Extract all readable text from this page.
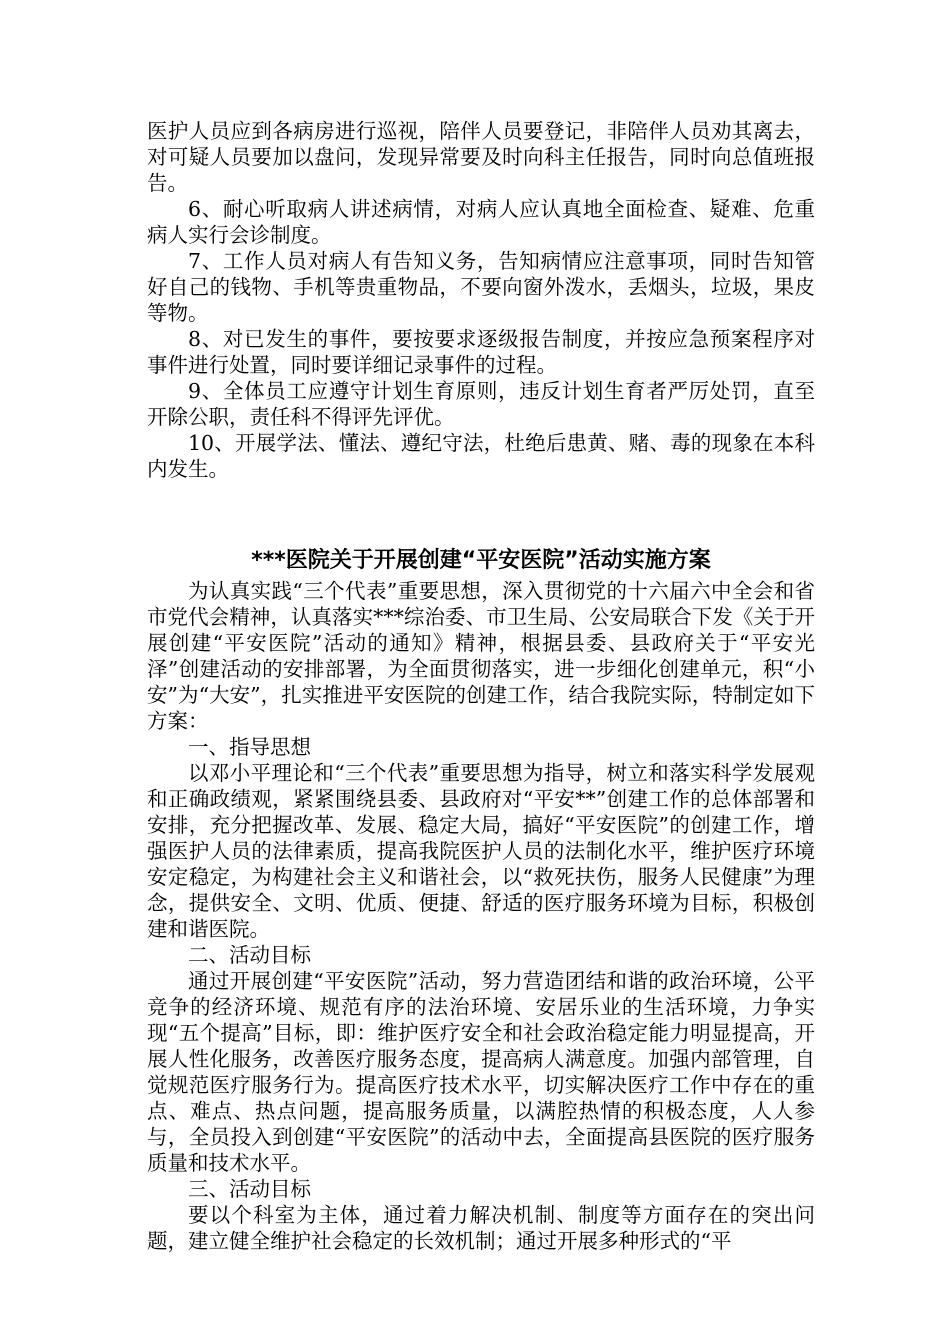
医护人员应到各病房进行巡视，陪伴人员要登记，非陪伴人员劝其离去，对可疑人员要加以盘问，发现异常要及时向科主任报告，同时向总值班报告。

6、耐心听取病人讲述病情，对病人应认真地全面检查、疑难、危重病人实行会诊制度。

7、工作人员对病人有告知义务，告知病情应注意事项，同时告知管好自己的钱物、手机等贵重物品，不要向窗外泼水，丢烟头，垃圾，果皮等物。

8、对已发生的事件，要按要求逐级报告制度，并按应急预案程序对事件进行处置，同时要详细记录事件的过程。

9、全体员工应遵守计划生育原则，违反计划生育者严厉处罚，直至开除公职，责任科不得评先评优。

10、开展学法、懂法、遵纪守法，杜绝后患黄、赌、毒的现象在本科内发生。

***医院关于开展创建“平安医院”活动实施方案

为认真实践“三个代表”重要思想，深入贯彻党的十六届六中全会和省市党代会精神，认真落实***综治委、市卫生局、公安局联合下发《关于开展创建“平安医院”活动的通知》精神，根据县委、县政府关于“平安光泽”创建活动的安排部署，为全面贯彻落实，进一步细化创建单元，积“小安”为“大安”，扎实推进平安医院的创建工作，结合我院实际，特制定如下方案：

一、指导思想

以邓小平理论和“三个代表”重要思想为指导，树立和落实科学发展观和正确政绩观，紧紧围绕县委、县政府对“平安**”创建工作的总体部署和安排，充分把握改革、发展、稳定大局，搞好“平安医院”的创建工作，增强医护人员的法律素质，提高我院医护人员的法制化水平，维护医疗环境安定稳定，为构建社会主义和谐社会，以“救死扶伤，服务人民健康”为理念，提供安全、文明、优质、便捷、舒适的医疗服务环境为目标，积极创建和谐医院。

二、活动目标

通过开展创建“平安医院”活动，努力营造团结和谐的政治环境，公平竞争的经济环境、规范有序的法治环境、安居乐业的生活环境，力争实现“五个提高”目标，即：维护医疗安全和社会政治稳定能力明显提高，开展人性化服务，改善医疗服务态度，提高病人满意度。加强内部管理，自觉规范医疗服务行为。提高医疗技术水平，切实解决医疗工作中存在的重点、难点、热点问题，提高服务质量，以满腔热情的积极态度，人人参与，全员投入到创建“平安医院”的活动中去，全面提高县医院的医疗服务质量和技术水平。

三、活动目标

要以个科室为主体，通过着力解决机制、制度等方面存在的突出问题，建立健全维护社会稳定的长效机制；通过开展多种形式的“平
